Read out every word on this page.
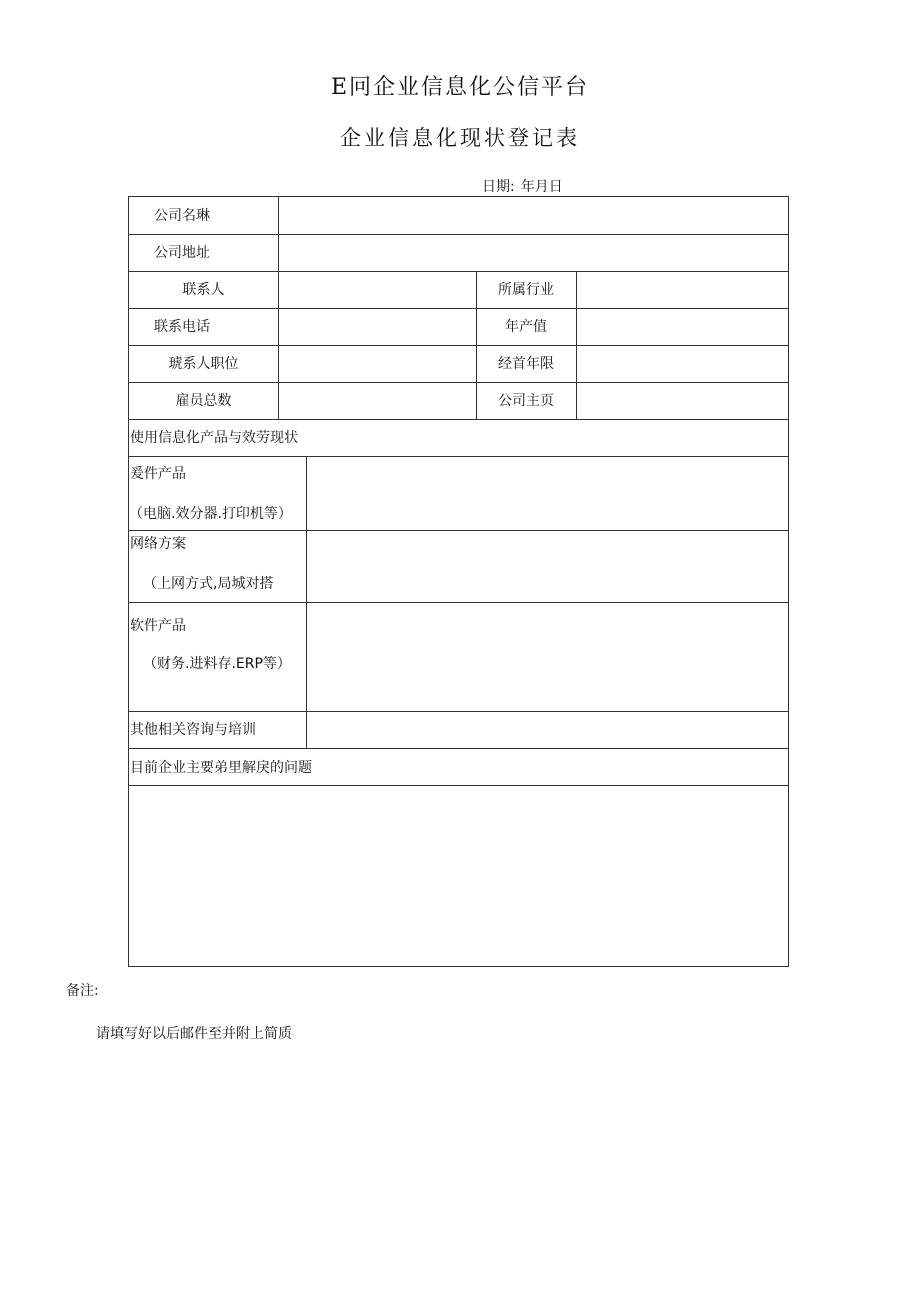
E冋企业信息化公信平台
企业信息化现状登记表
日期: 年月日
公司名琳
公司地址
联系人	所属行业
联系电话	年产值
琥系人职位	经首年限
雇员总数	公司主页
使用信息化产品与效劳现状
爰件产品
（电脑.效分器.打印机等）
网络方案
（上网方式,局城对搭
软件产品
（财务.进料存.ERP等）
其他相关咨询与培训
目前企业主要弟里解戾的问题
备注:
请填写好以后邮件至并附上简质
